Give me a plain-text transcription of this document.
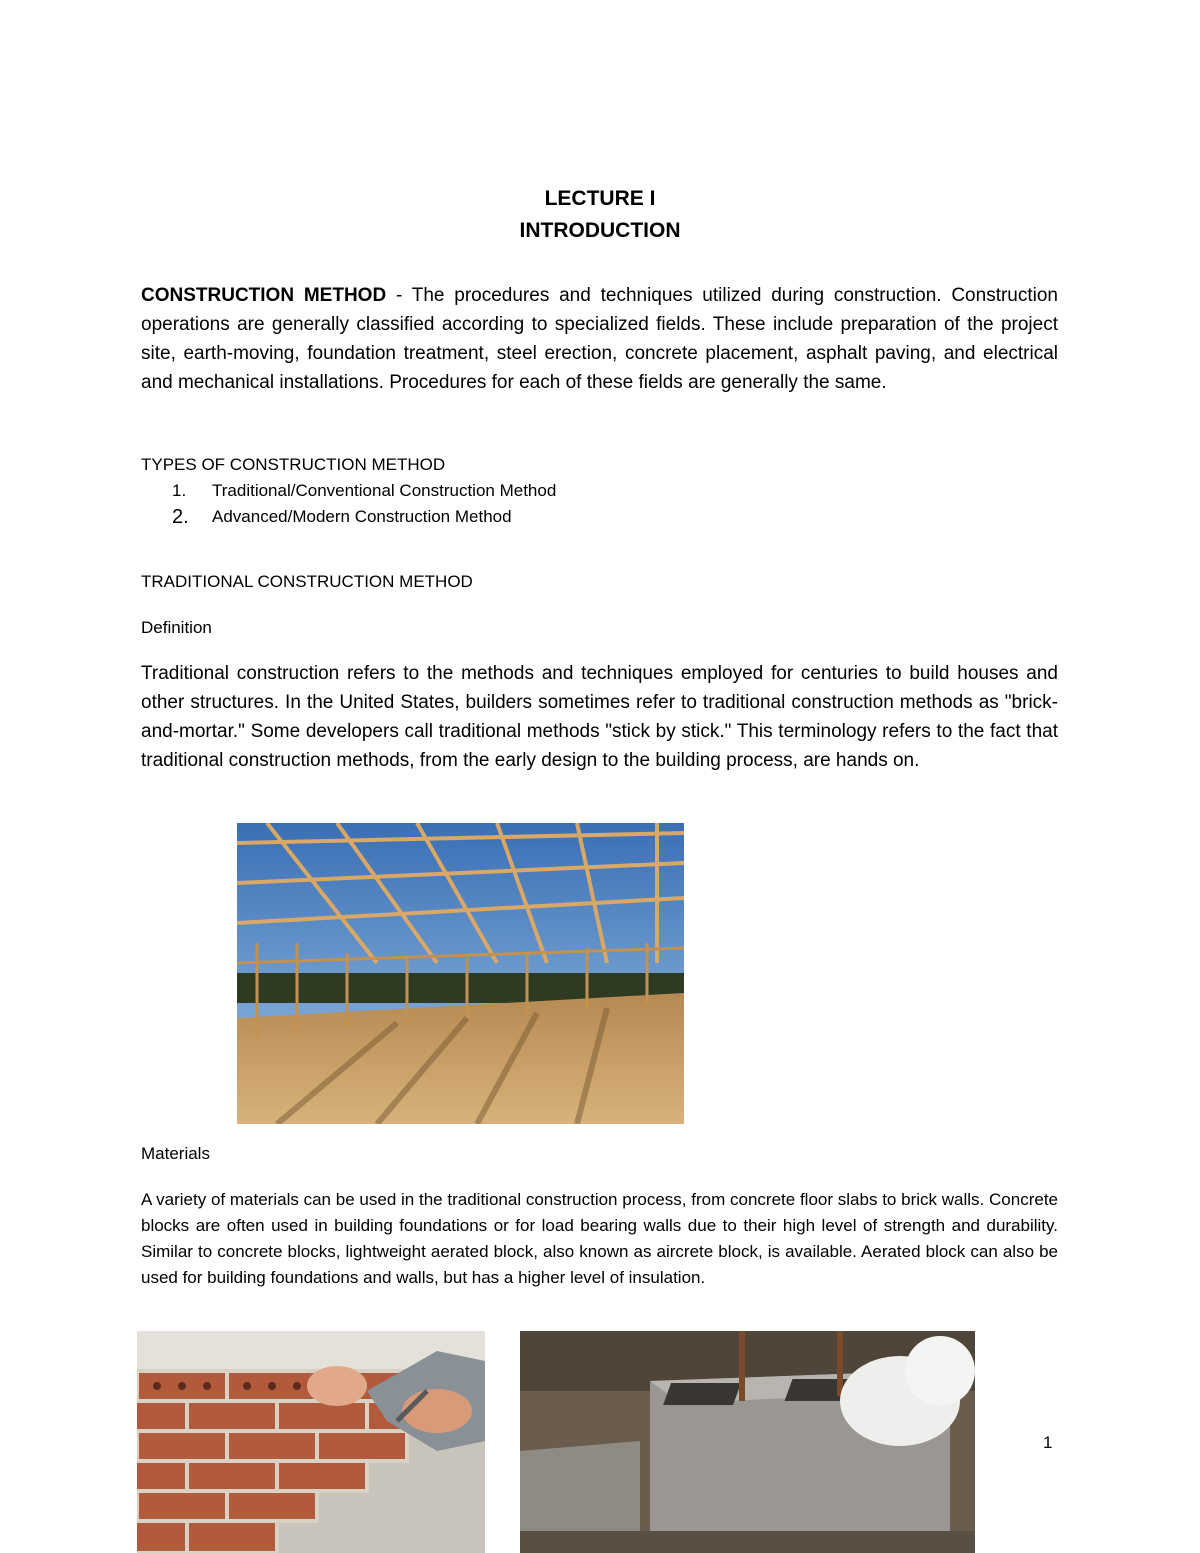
LECTURE I
INTRODUCTION

CONSTRUCTION METHOD - The procedures and techniques utilized during construction. Construction operations are generally classified according to specialized fields. These include preparation of the project site, earth-moving, foundation treatment, steel erection, concrete placement, asphalt paving, and electrical and mechanical installations. Procedures for each of these fields are generally the same.

TYPES OF CONSTRUCTION METHOD
1.	Traditional/Conventional Construction Method
2.	Advanced/Modern Construction Method
TRADITIONAL CONSTRUCTION METHOD
Definition

Traditional construction refers to the methods and techniques employed for centuries to build houses and other structures. In the United States, builders sometimes refer to traditional construction methods as "brick-and-mortar." Some developers call traditional methods "stick by stick." This terminology refers to the fact that traditional construction methods, from the early design to the building process, are hands on.

Materials

A variety of materials can be used in the traditional construction process, from concrete floor slabs to brick walls. Concrete blocks are often used in building foundations or for load bearing walls due to their high level of strength and durability. Similar to concrete blocks, lightweight aerated block, also known as aircrete block, is available. Aerated block can also be used for building foundations and walls, but has a higher level of insulation.

1
